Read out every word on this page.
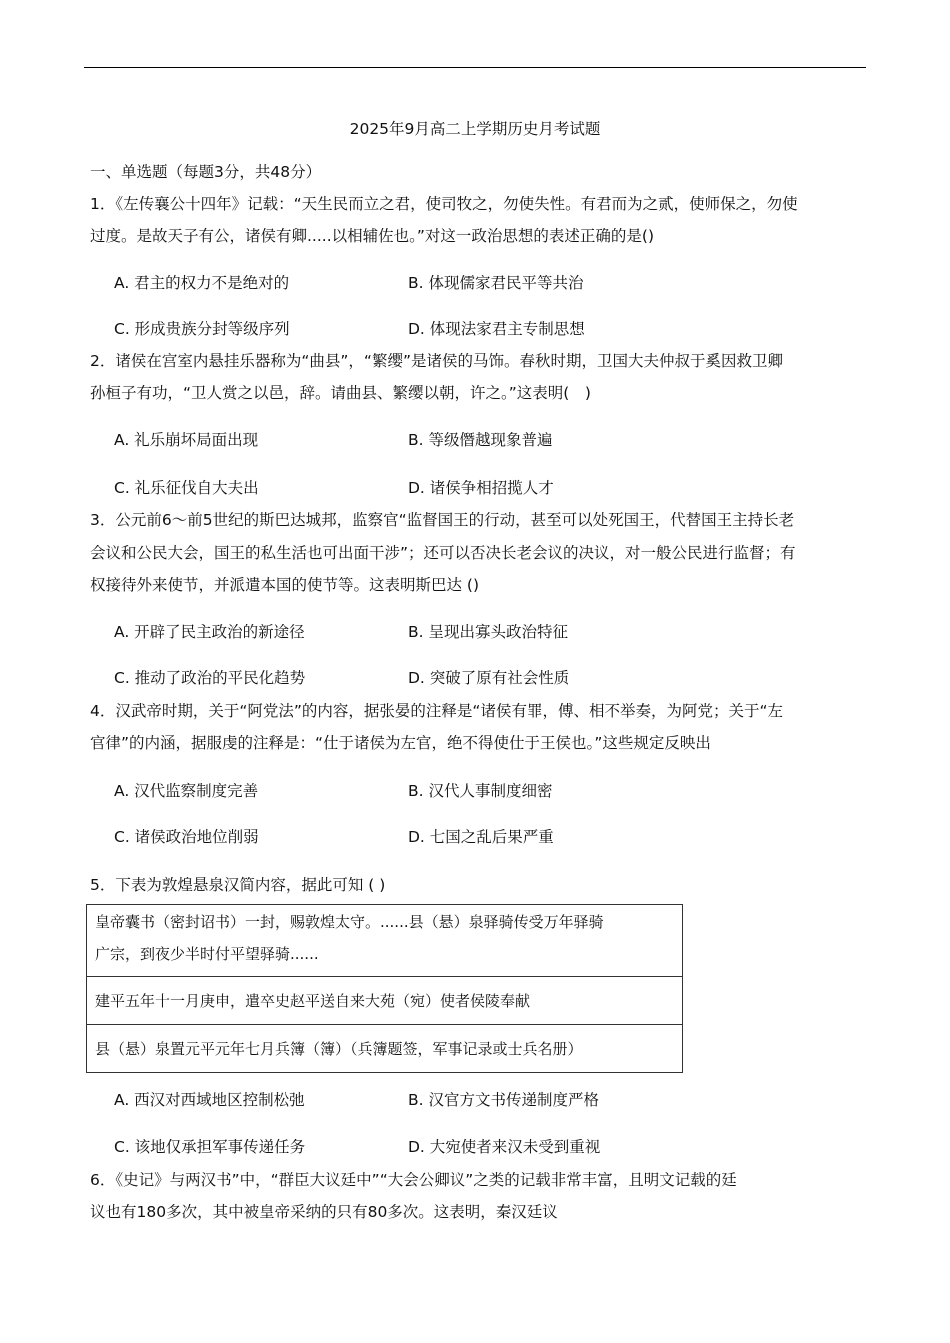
2025年9月高二上学期历史月考试题
一、单选题（每题3分，共48分）
1．《左传襄公十四年》记载：“天生民而立之君，使司牧之，勿使失性。有君而为之贰，使师保之，勿使
过度。是故天子有公，诸侯有卿.....以相辅佐也。”对这一政治思想的表述正确的是()
A. 君主的权力不是绝对的	B. 体现儒家君民平等共治
C. 形成贵族分封等级序列	D. 体现法家君主专制思想
2．诸侯在宫室内悬挂乐器称为“曲县”，“繁缨”是诸侯的马饰。春秋时期，卫国大夫仲叔于奚因救卫卿
孙桓子有功，“卫人赏之以邑，辞。请曲县、繁缨以朝，许之。”这表明(　)
A. 礼乐崩坏局面出现	B. 等级僭越现象普遍
C. 礼乐征伐自大夫出	D. 诸侯争相招揽人才
3．公元前6～前5世纪的斯巴达城邦，监察官“监督国王的行动，甚至可以处死国王，代替国王主持长老
会议和公民大会，国王的私生活也可出面干涉”；还可以否决长老会议的决议，对一般公民进行监督；有
权接待外来使节，并派遣本国的使节等。这表明斯巴达 ()
A. 开辟了民主政治的新途径	B. 呈现出寡头政治特征
C. 推动了政治的平民化趋势	D. 突破了原有社会性质
4．汉武帝时期，关于“阿党法”的内容，据张晏的注释是“诸侯有罪，傅、相不举奏，为阿党；关于“左
官律”的内涵，据服虔的注释是：“仕于诸侯为左官，绝不得使仕于王侯也。”这些规定反映出
A. 汉代监察制度完善	B. 汉代人事制度细密
C. 诸侯政治地位削弱	D. 七国之乱后果严重
5．下表为敦煌悬泉汉简内容，据此可知 ( )
皇帝囊书（密封诏书）一封，赐敦煌太守。......县（悬）泉驿骑传受万年驿骑
广宗，到夜少半时付平望驿骑......

建平五年十一月庚申，遣卒史赵平送自来大苑（宛）使者侯陵奉献
县（悬）泉置元平元年七月兵簿（簿）（兵簿题签，军事记录或士兵名册）
A. 西汉对西域地区控制松弛	B. 汉官方文书传递制度严格
C. 该地仅承担军事传递任务	D. 大宛使者来汉未受到重视
6．《史记》与两汉书”中，“群臣大议廷中”“大会公卿议”之类的记载非常丰富，且明文记载的廷
议也有180多次，其中被皇帝采纳的只有80多次。这表明，秦汉廷议
